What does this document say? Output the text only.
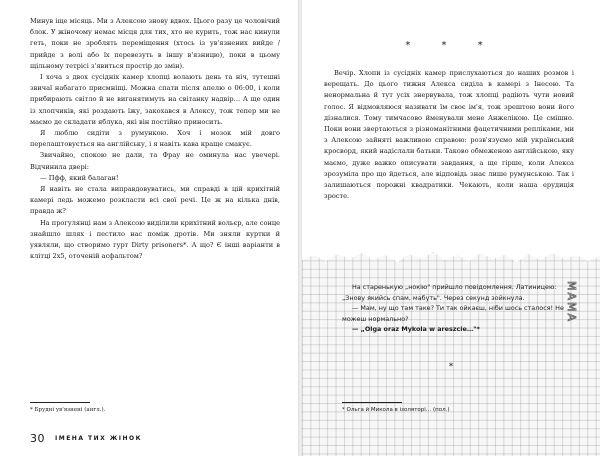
Минув іще місяць. Ми з Алексою знову вдвох. Цього разу це чоловічий блок. У жіночому немає місця для тих, хто не курить, тож нас кинули геть, поки не зроблять переміщення (хтось із ув'язнених вийде / прийде з волі або їх перевезуть в іншу в'язницю), поки в цьому щільному тетрісі з'явиться простір до змін).

І хоча з двох сусідніх камер хлопці волають день та ніч, тутешні звичаї набагато присмніщі. Можна спати після апелю о 06:00, і коли прибирають світло й не виганятимуть на світанку надвір… А ще один із хлопчиків, які роздають їжу, закохався в Алексу, тож тепер ми не маємо де складати яблука, які він постійно приносить.

Я люблю сидіти з румункою. Хоч і мозок мій довго перелаштовується на англійську, і я навіть кава краще смакує.

Звичайно, спокою не дали, та Фрау не оминула нас увечері. Відчинила двері:

— Пфф, який балаган!

Я навіть не стала виправдовуватись, ми справді в цій крихітній камері ледь можемо розкласти всі свої речі. Це ж на кілька днів, правда ж?

На прогулянці нам з Алексою виділили крихітний вольєр, але сонце знайшло шлях і пестило нас поміж дротів. Ми зняли куртки й уявляли, що створимо гурт Dirty prisoners*. А що? Є інші варіанти в клітці 2х5, оточеній асфальтом?

* Брудні ув'язнені (англ.).
30 ІМЕНА ТИХ ЖІНОК
* * *

Вечір. Хлопи із сусідніх камер прислухаються до наших розмов і верещать. До цього тижня Алекса сиділа в камері з Інесою. Та ненормальна й тут усіх знервувала, тож хлопці радіють чути новий голос. Я відмовляюся називати їм своє ім'я, тож зрештою вони його дізналися. Тому тимчасово йменували мене Анжелікою. Це смішно. Поки вони звертаються з різноманітними фацетичними репліками, ми з Алексою зайняті важливою справою: розв'язуємо мій український кросворд, який надіслали батьки. Таково обмеженою англійською, яку маємо, дуже важко описувати завдання, а ще гірше, коли Алекса зрозуміла про що йдеться, але відповідь знає лише румунською. Так і залишаються порожні квадратики. Чекають, коли наша ерудиція зросте.

МАМА

На старенькую „нокію" прийшло повідомлення. Латиницею: „Знову якийсь спам, мабуть". Через секунд зойкнула.

— Мам, ну що там таке? Ти так ойкаєш, ніби шось сталося! Не можеш нормально?

— „Olga oraz Mykola w areszcie…"*

*
* Ольга й Микола в ізоляторі… (пол.)
